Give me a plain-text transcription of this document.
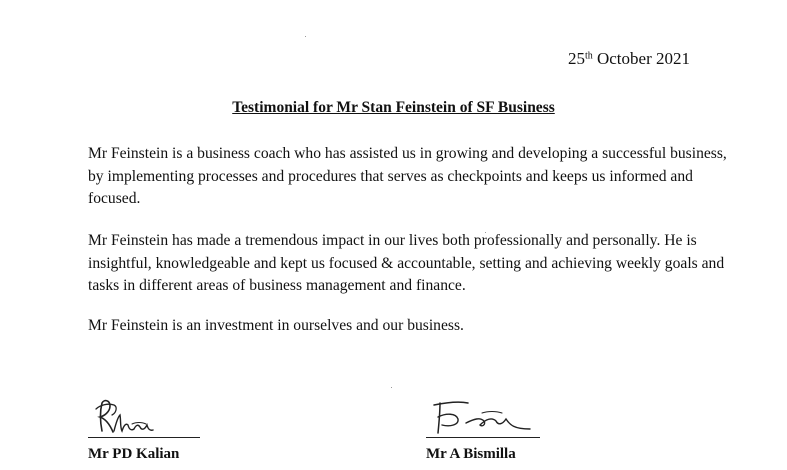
25th October 2021
Testimonial for Mr Stan Feinstein of SF Business

Mr Feinstein is a business coach who has assisted us in growing and developing a successful business, by implementing processes and procedures that serves as checkpoints and keeps us informed and focused.

Mr Feinstein has made a tremendous impact in our lives both professionally and personally. He is insightful, knowledgeable and kept us focused & accountable, setting and achieving weekly goals and tasks in different areas of business management and finance.

Mr Feinstein is an investment in ourselves and our business.

Mr PD Kalian	Mr A Bismilla
